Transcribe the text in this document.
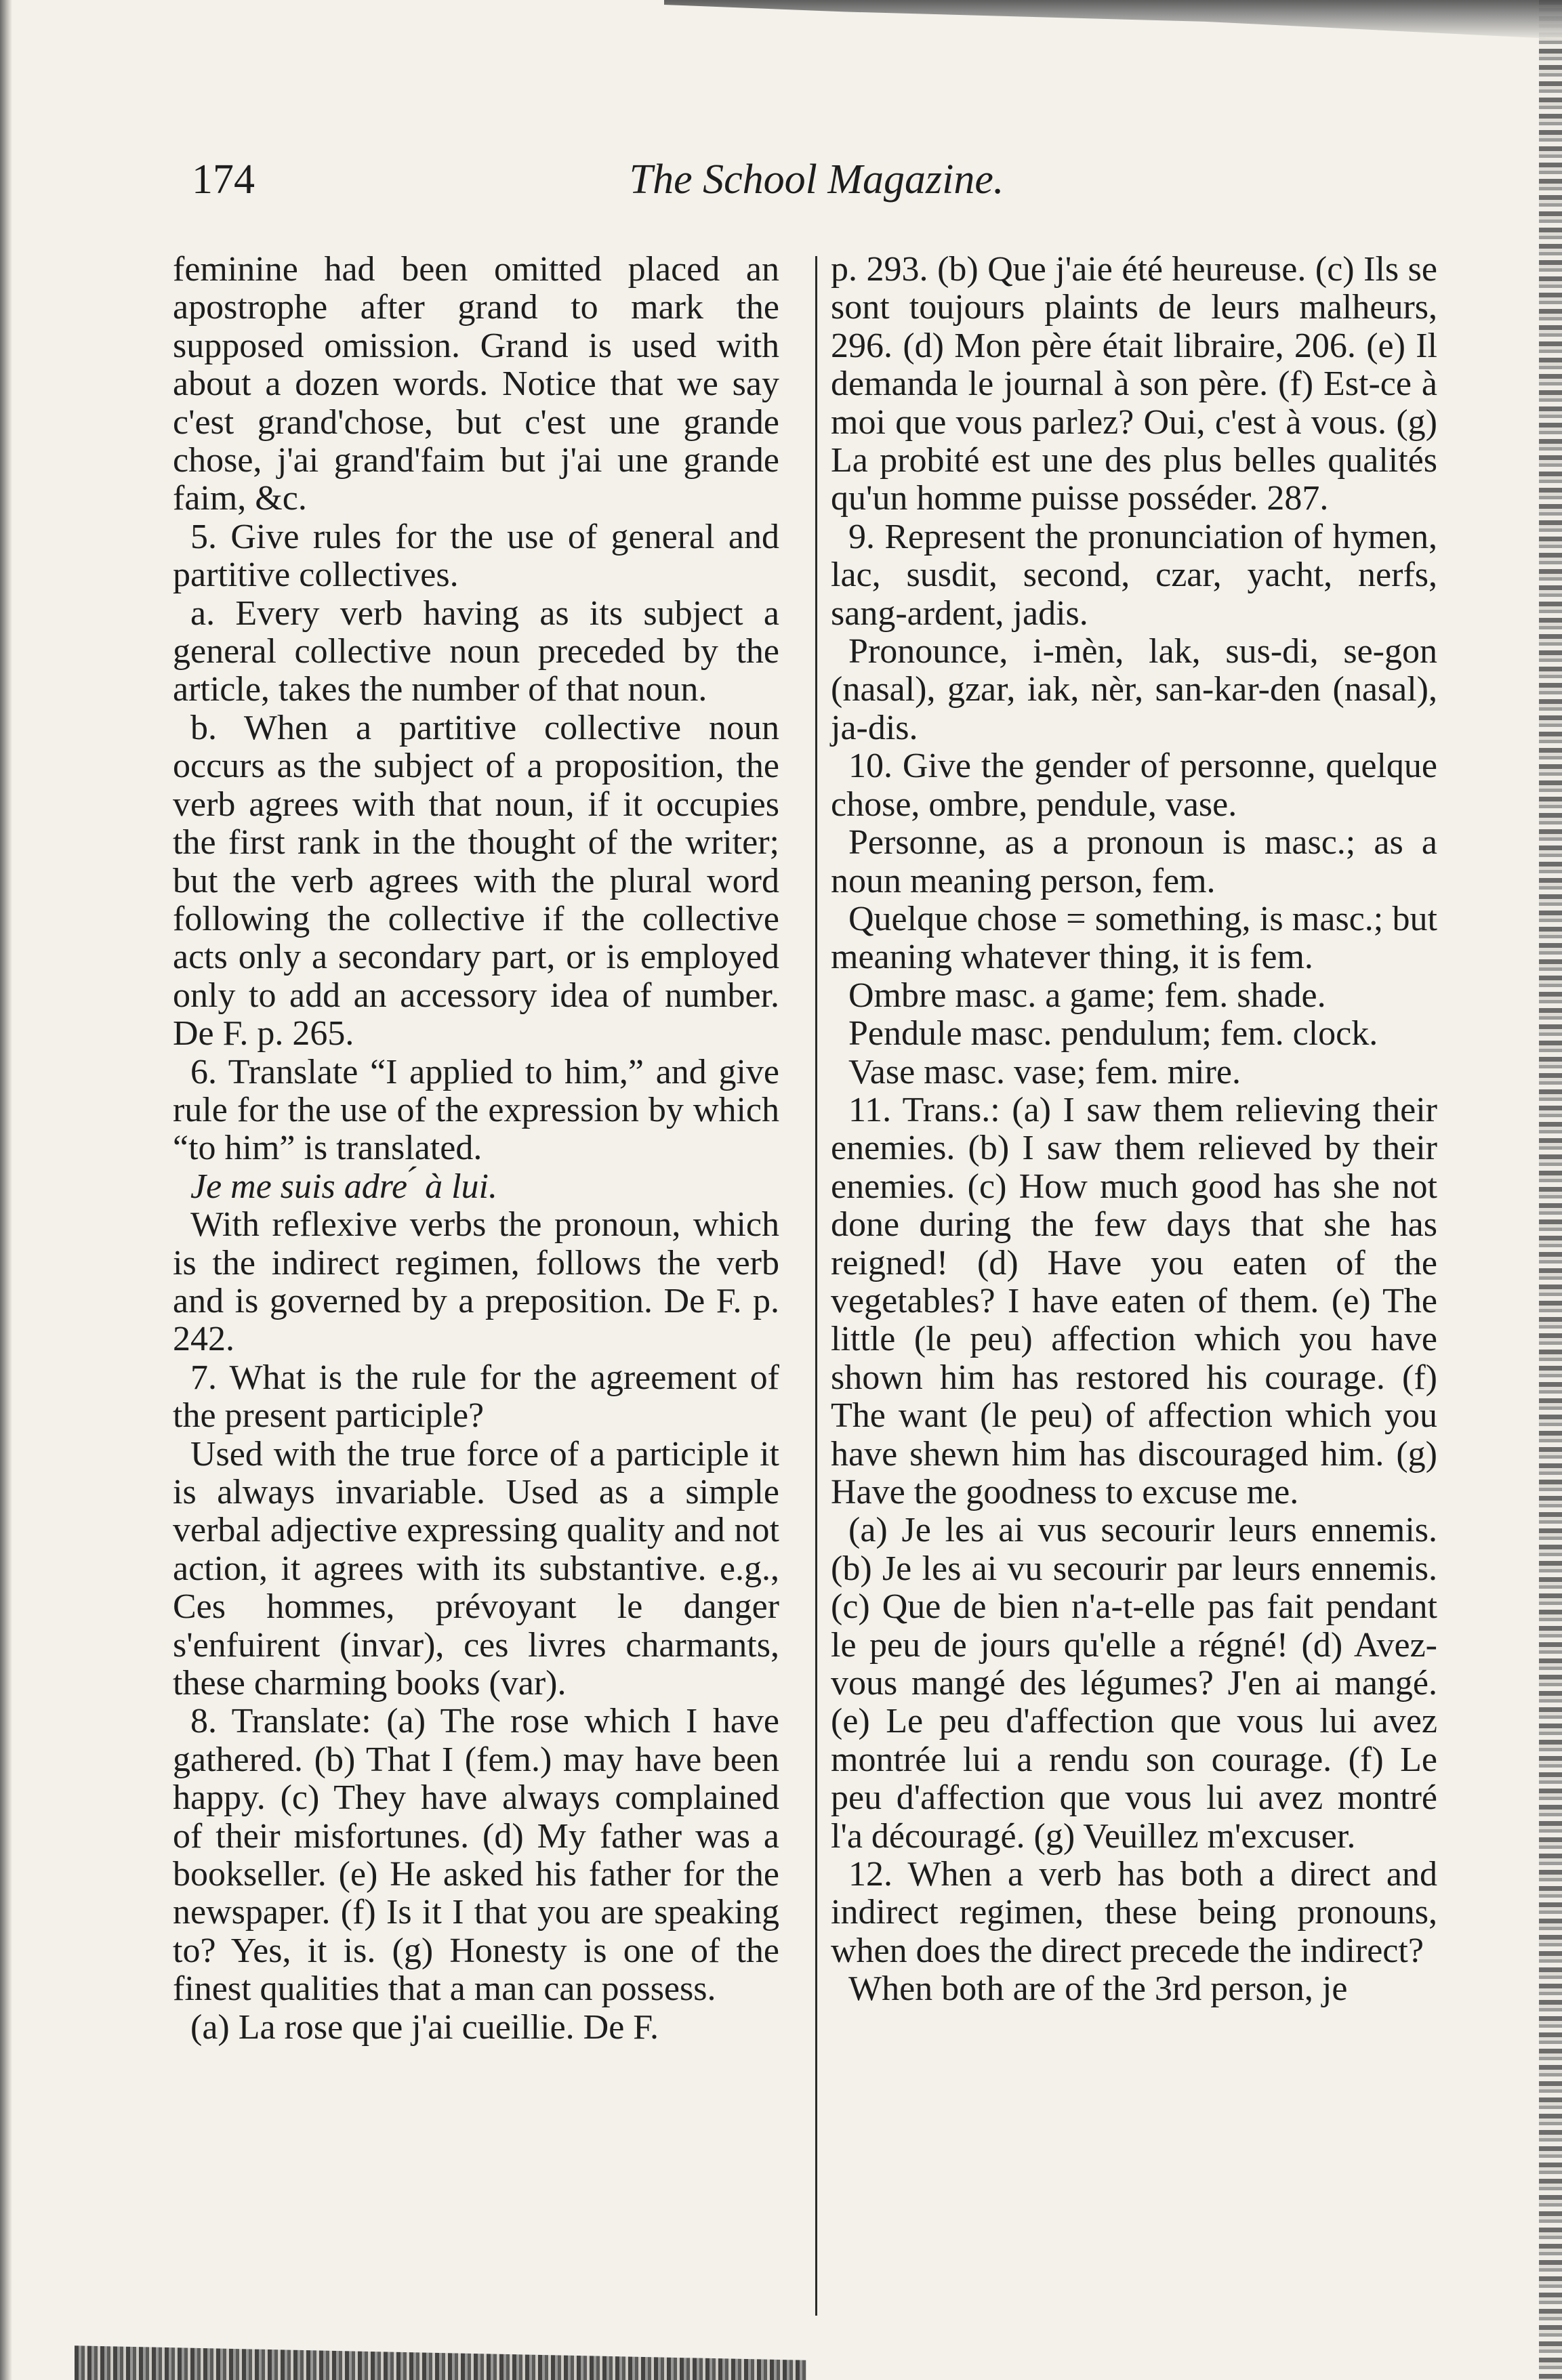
174	The School Magazine.

feminine had been omitted placed an apostrophe after grand to mark the supposed omission. Grand is used with about a dozen words. Notice that we say c'est grand'chose, but c'est une grande chose, j'ai grand'faim but j'ai une grande faim, &c.

5. Give rules for the use of general and partitive collectives.

a. Every verb having as its subject a general collective noun preceded by the article, takes the number of that noun.

b. When a partitive collective noun occurs as the subject of a proposition, the verb agrees with that noun, if it occupies the first rank in the thought of the writer; but the verb agrees with the plural word following the collective if the collective acts only a secondary part, or is employed only to add an accessory idea of number. De F. p. 265.

6. Translate “I applied to him,” and give rule for the use of the expression by which “to him” is translated.

Je me suis adre ́ à lui.

With reflexive verbs the pronoun, which is the indirect regimen, follows the verb and is governed by a preposition. De F. p. 242.

7. What is the rule for the agreement of the present participle?

Used with the true force of a participle it is always invariable. Used as a simple verbal adjective expressing quality and not action, it agrees with its substantive. e.g., Ces hommes, prévoyant le danger s'enfuirent (invar), ces livres charmants, these charming books (var).

8. Translate: (a) The rose which I have gathered. (b) That I (fem.) may have been happy. (c) They have always complained of their misfortunes. (d) My father was a bookseller. (e) He asked his father for the newspaper. (f) Is it I that you are speaking to? Yes, it is. (g) Honesty is one of the finest qualities that a man can possess.

(a) La rose que j'ai cueillie. De F.

p. 293. (b) Que j'aie été heureuse. (c) Ils se sont toujours plaints de leurs malheurs, 296. (d) Mon père était libraire, 206. (e) Il demanda le journal à son père. (f) Est-ce à moi que vous parlez? Oui, c'est à vous. (g) La probité est une des plus belles qualités qu'un homme puisse posséder. 287.

9. Represent the pronunciation of hymen, lac, susdit, second, czar, yacht, nerfs, sang-ardent, jadis.

Pronounce, i-mèn, lak, sus-di, se-gon (nasal), gzar, iak, nèr, san-kar-den (nasal), ja-dis.

10. Give the gender of personne, quelque chose, ombre, pendule, vase.

Personne, as a pronoun is masc.; as a noun meaning person, fem.

Quelque chose = something, is masc.; but meaning whatever thing, it is fem.

Ombre masc. a game; fem. shade.

Pendule masc. pendulum; fem. clock.

Vase masc. vase; fem. mire.

11. Trans.: (a) I saw them relieving their enemies. (b) I saw them relieved by their enemies. (c) How much good has she not done during the few days that she has reigned! (d) Have you eaten of the vegetables? I have eaten of them. (e) The little (le peu) affection which you have shown him has restored his courage. (f) The want (le peu) of affection which you have shewn him has discouraged him. (g) Have the goodness to excuse me.

(a) Je les ai vus secourir leurs ennemis. (b) Je les ai vu secourir par leurs ennemis. (c) Que de bien n'a-t-elle pas fait pendant le peu de jours qu'elle a régné! (d) Avez-vous mangé des légumes? J'en ai mangé. (e) Le peu d'affection que vous lui avez montrée lui a rendu son courage. (f) Le peu d'affection que vous lui avez montré l'a découragé. (g) Veuillez m'excuser.

12. When a verb has both a direct and indirect regimen, these being pronouns, when does the direct precede the indirect?

When both are of the 3rd person, je
